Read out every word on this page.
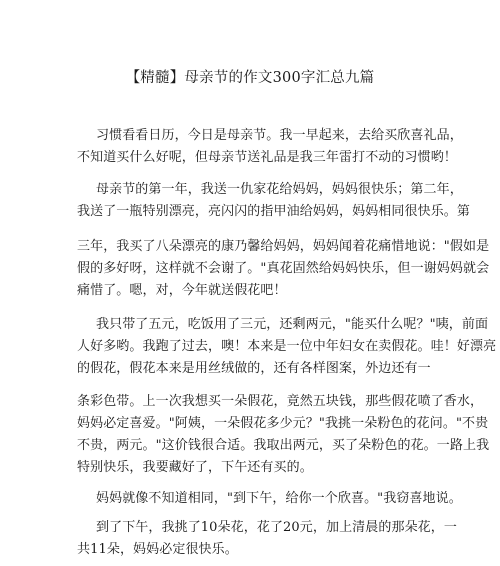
【精髓】母亲节的作文300字汇总九篇
习惯看看日历，今日是母亲节。我一早起来，去给买欣喜礼品，
不知道买什么好呢，但母亲节送礼品是我三年雷打不动的习惯哟！
母亲节的第一年，我送一仇家花给妈妈，妈妈很快乐；第二年，
我送了一瓶特别漂亮，亮闪闪的指甲油给妈妈，妈妈相同很快乐。第
三年，我买了八朵漂亮的康乃馨给妈妈，妈妈闻着花痛惜地说："假如是
假的多好呀，这样就不会谢了。"真花固然给妈妈快乐，但一谢妈妈就会
痛惜了。嗯，对，今年就送假花吧！
我只带了五元，吃饭用了三元，还剩两元，"能买什么呢？"咦，前面
人好多哟。我跑了过去，噢！本来是一位中年妇女在卖假花。哇！好漂亮
的假花，假花本来是用丝绒做的，还有各样图案，外边还有一
条彩色带。上一次我想买一朵假花，竟然五块钱，那些假花喷了香水，
妈妈必定喜爱。"阿姨，一朵假花多少元？"我挑一朵粉色的花问。"不贵
不贵，两元。"这价钱很合适。我取出两元，买了朵粉色的花。一路上我
特别快乐，我要藏好了，下午还有买的。
妈妈就像不知道相同，"到下午，给你一个欣喜。"我窃喜地说。
到了下午，我挑了10朵花，花了20元，加上清晨的那朵花，一
共11朵，妈妈必定很快乐。
